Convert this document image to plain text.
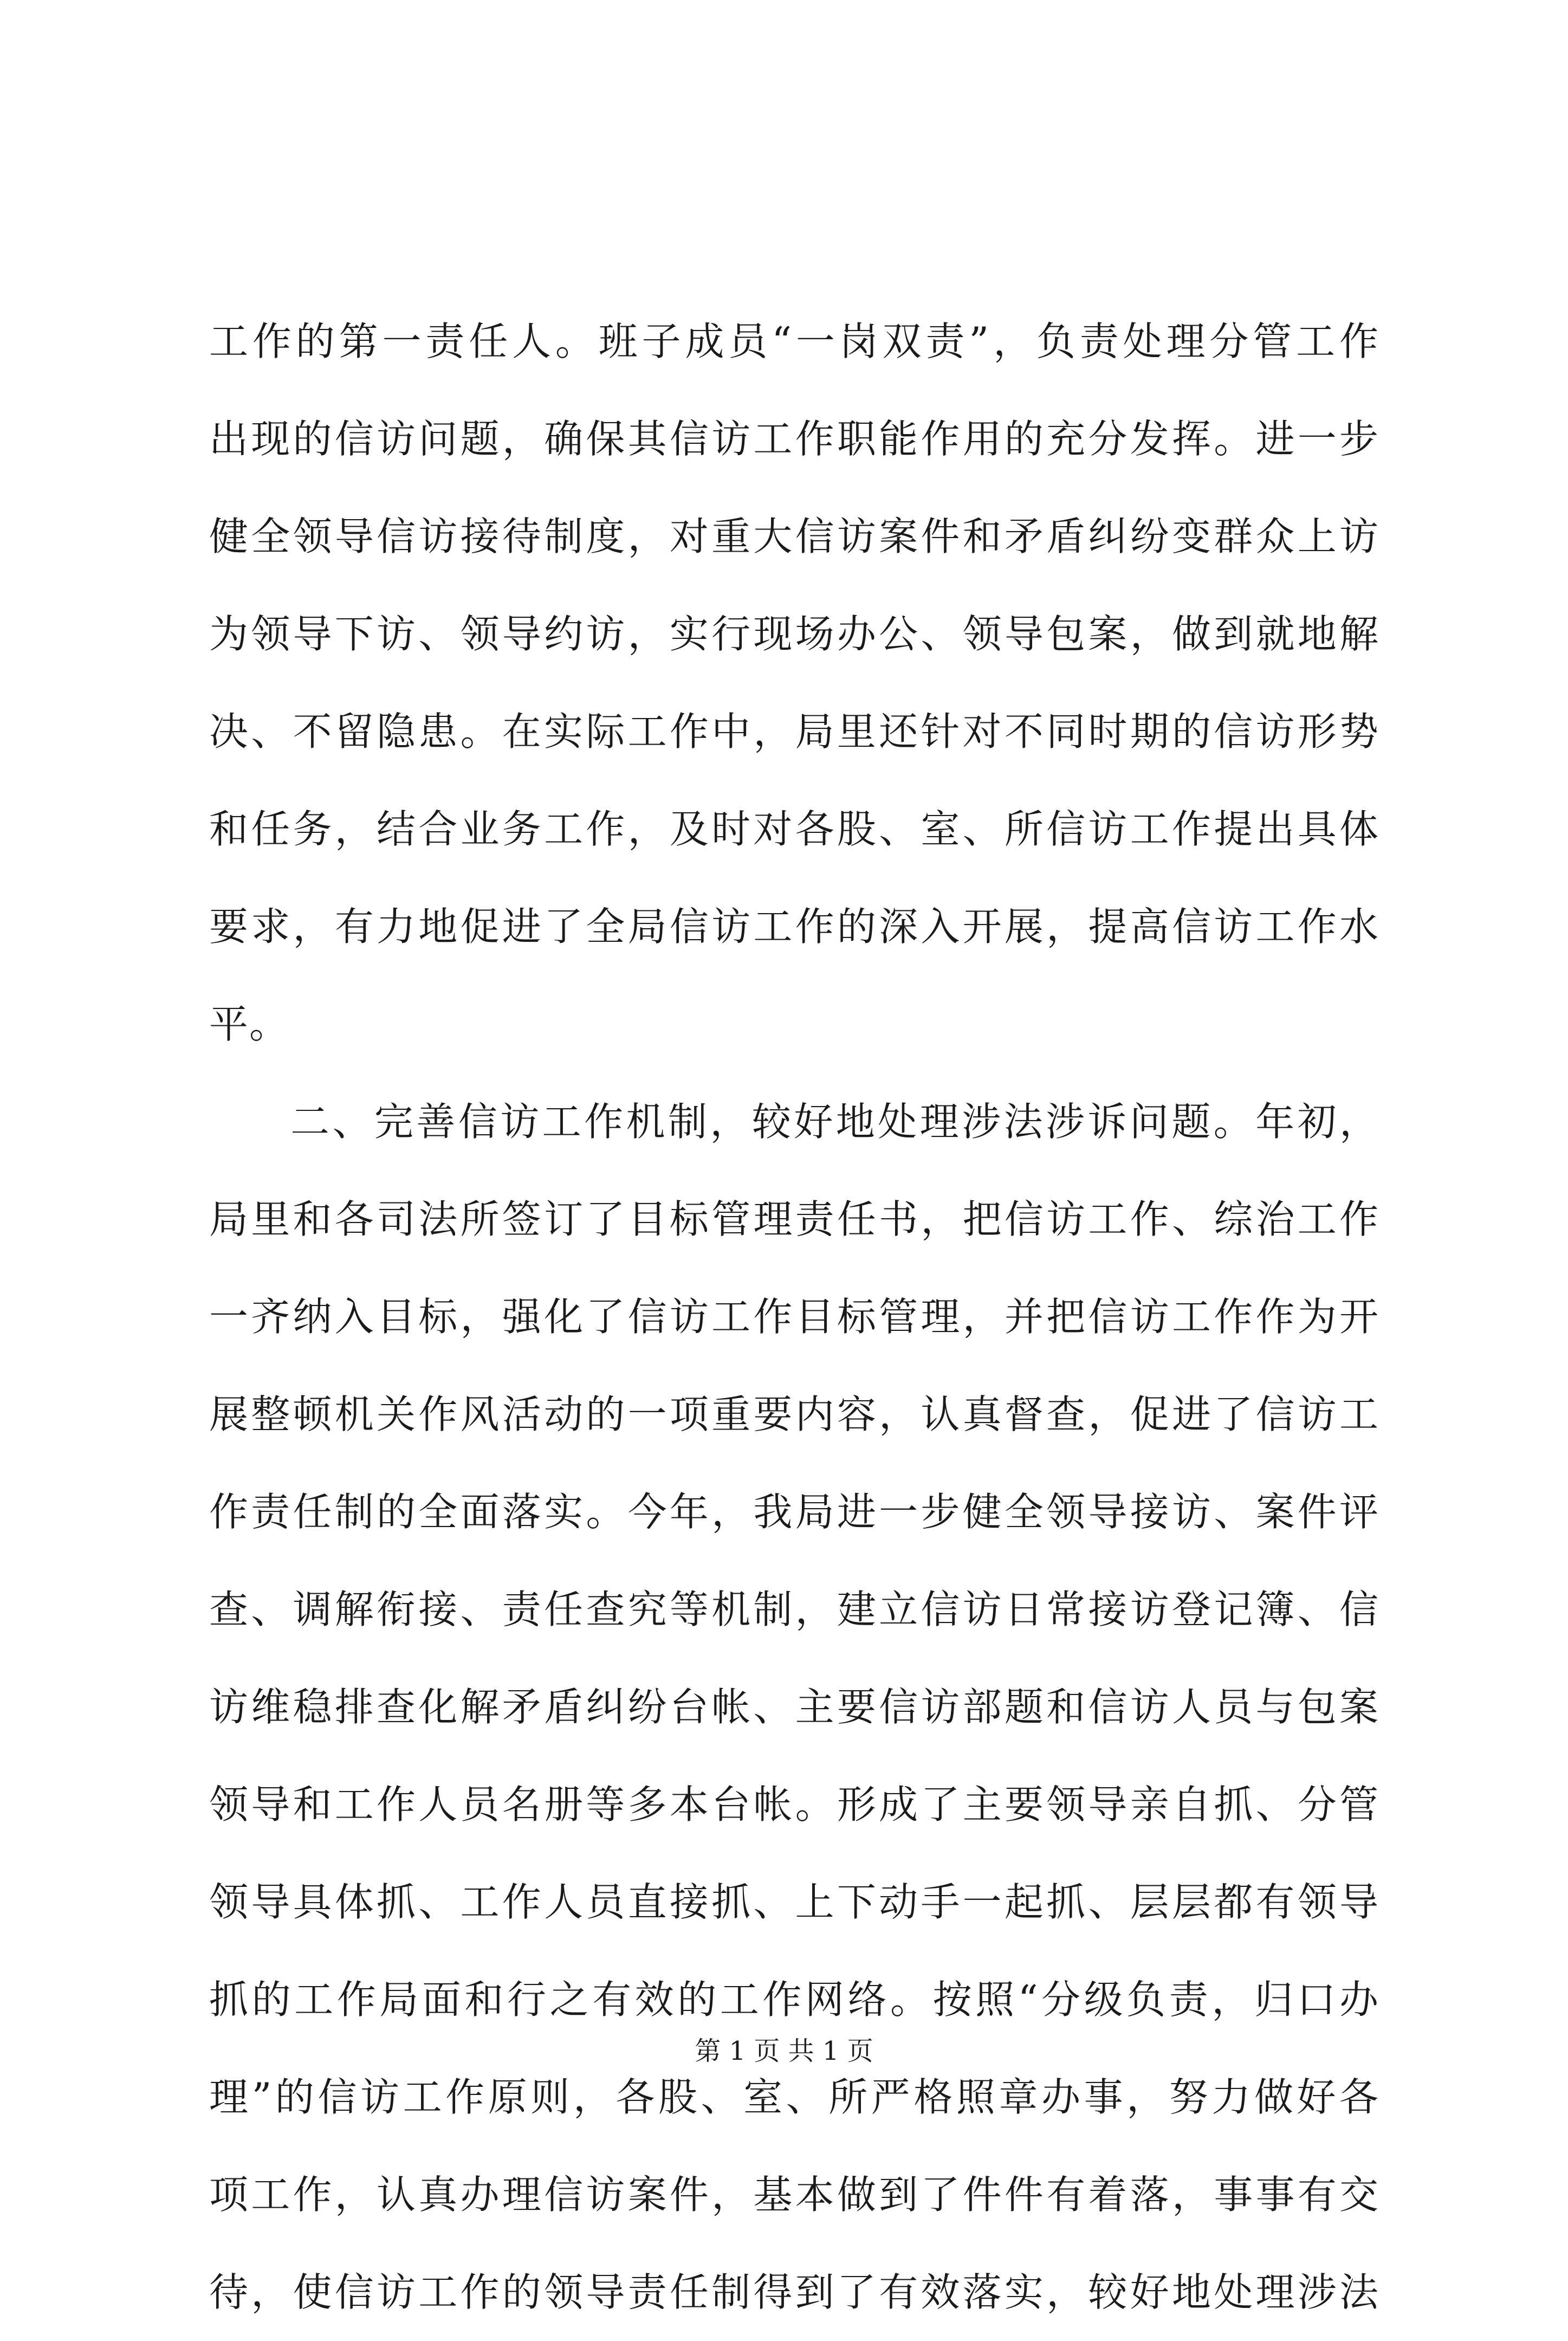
工作的第一责任人。班子成员“一岗双责”，负责处理分管工作
出现的信访问题，确保其信访工作职能作用的充分发挥。进一步
健全领导信访接待制度，对重大信访案件和矛盾纠纷变群众上访
为领导下访、领导约访，实行现场办公、领导包案，做到就地解
决、不留隐患。在实际工作中，局里还针对不同时期的信访形势
和任务，结合业务工作，及时对各股、室、所信访工作提出具体
要求，有力地促进了全局信访工作的深入开展，提高信访工作水
平。
二、完善信访工作机制，较好地处理涉法涉诉问题。年初，
局里和各司法所签订了目标管理责任书，把信访工作、综治工作
一齐纳入目标，强化了信访工作目标管理，并把信访工作作为开
展整顿机关作风活动的一项重要内容，认真督查，促进了信访工
作责任制的全面落实。今年，我局进一步健全领导接访、案件评
查、调解衔接、责任查究等机制，建立信访日常接访登记簿、信
访维稳排查化解矛盾纠纷台帐、主要信访部题和信访人员与包案
领导和工作人员名册等多本台帐。形成了主要领导亲自抓、分管
领导具体抓、工作人员直接抓、上下动手一起抓、层层都有领导
抓的工作局面和行之有效的工作网络。按照“分级负责，归口办
理”的信访工作原则，各股、室、所严格照章办事，努力做好各
项工作，认真办理信访案件，基本做到了件件有着落，事事有交
待，使信访工作的领导责任制得到了有效落实，较好地处理涉法
第 1 页 共 1 页
